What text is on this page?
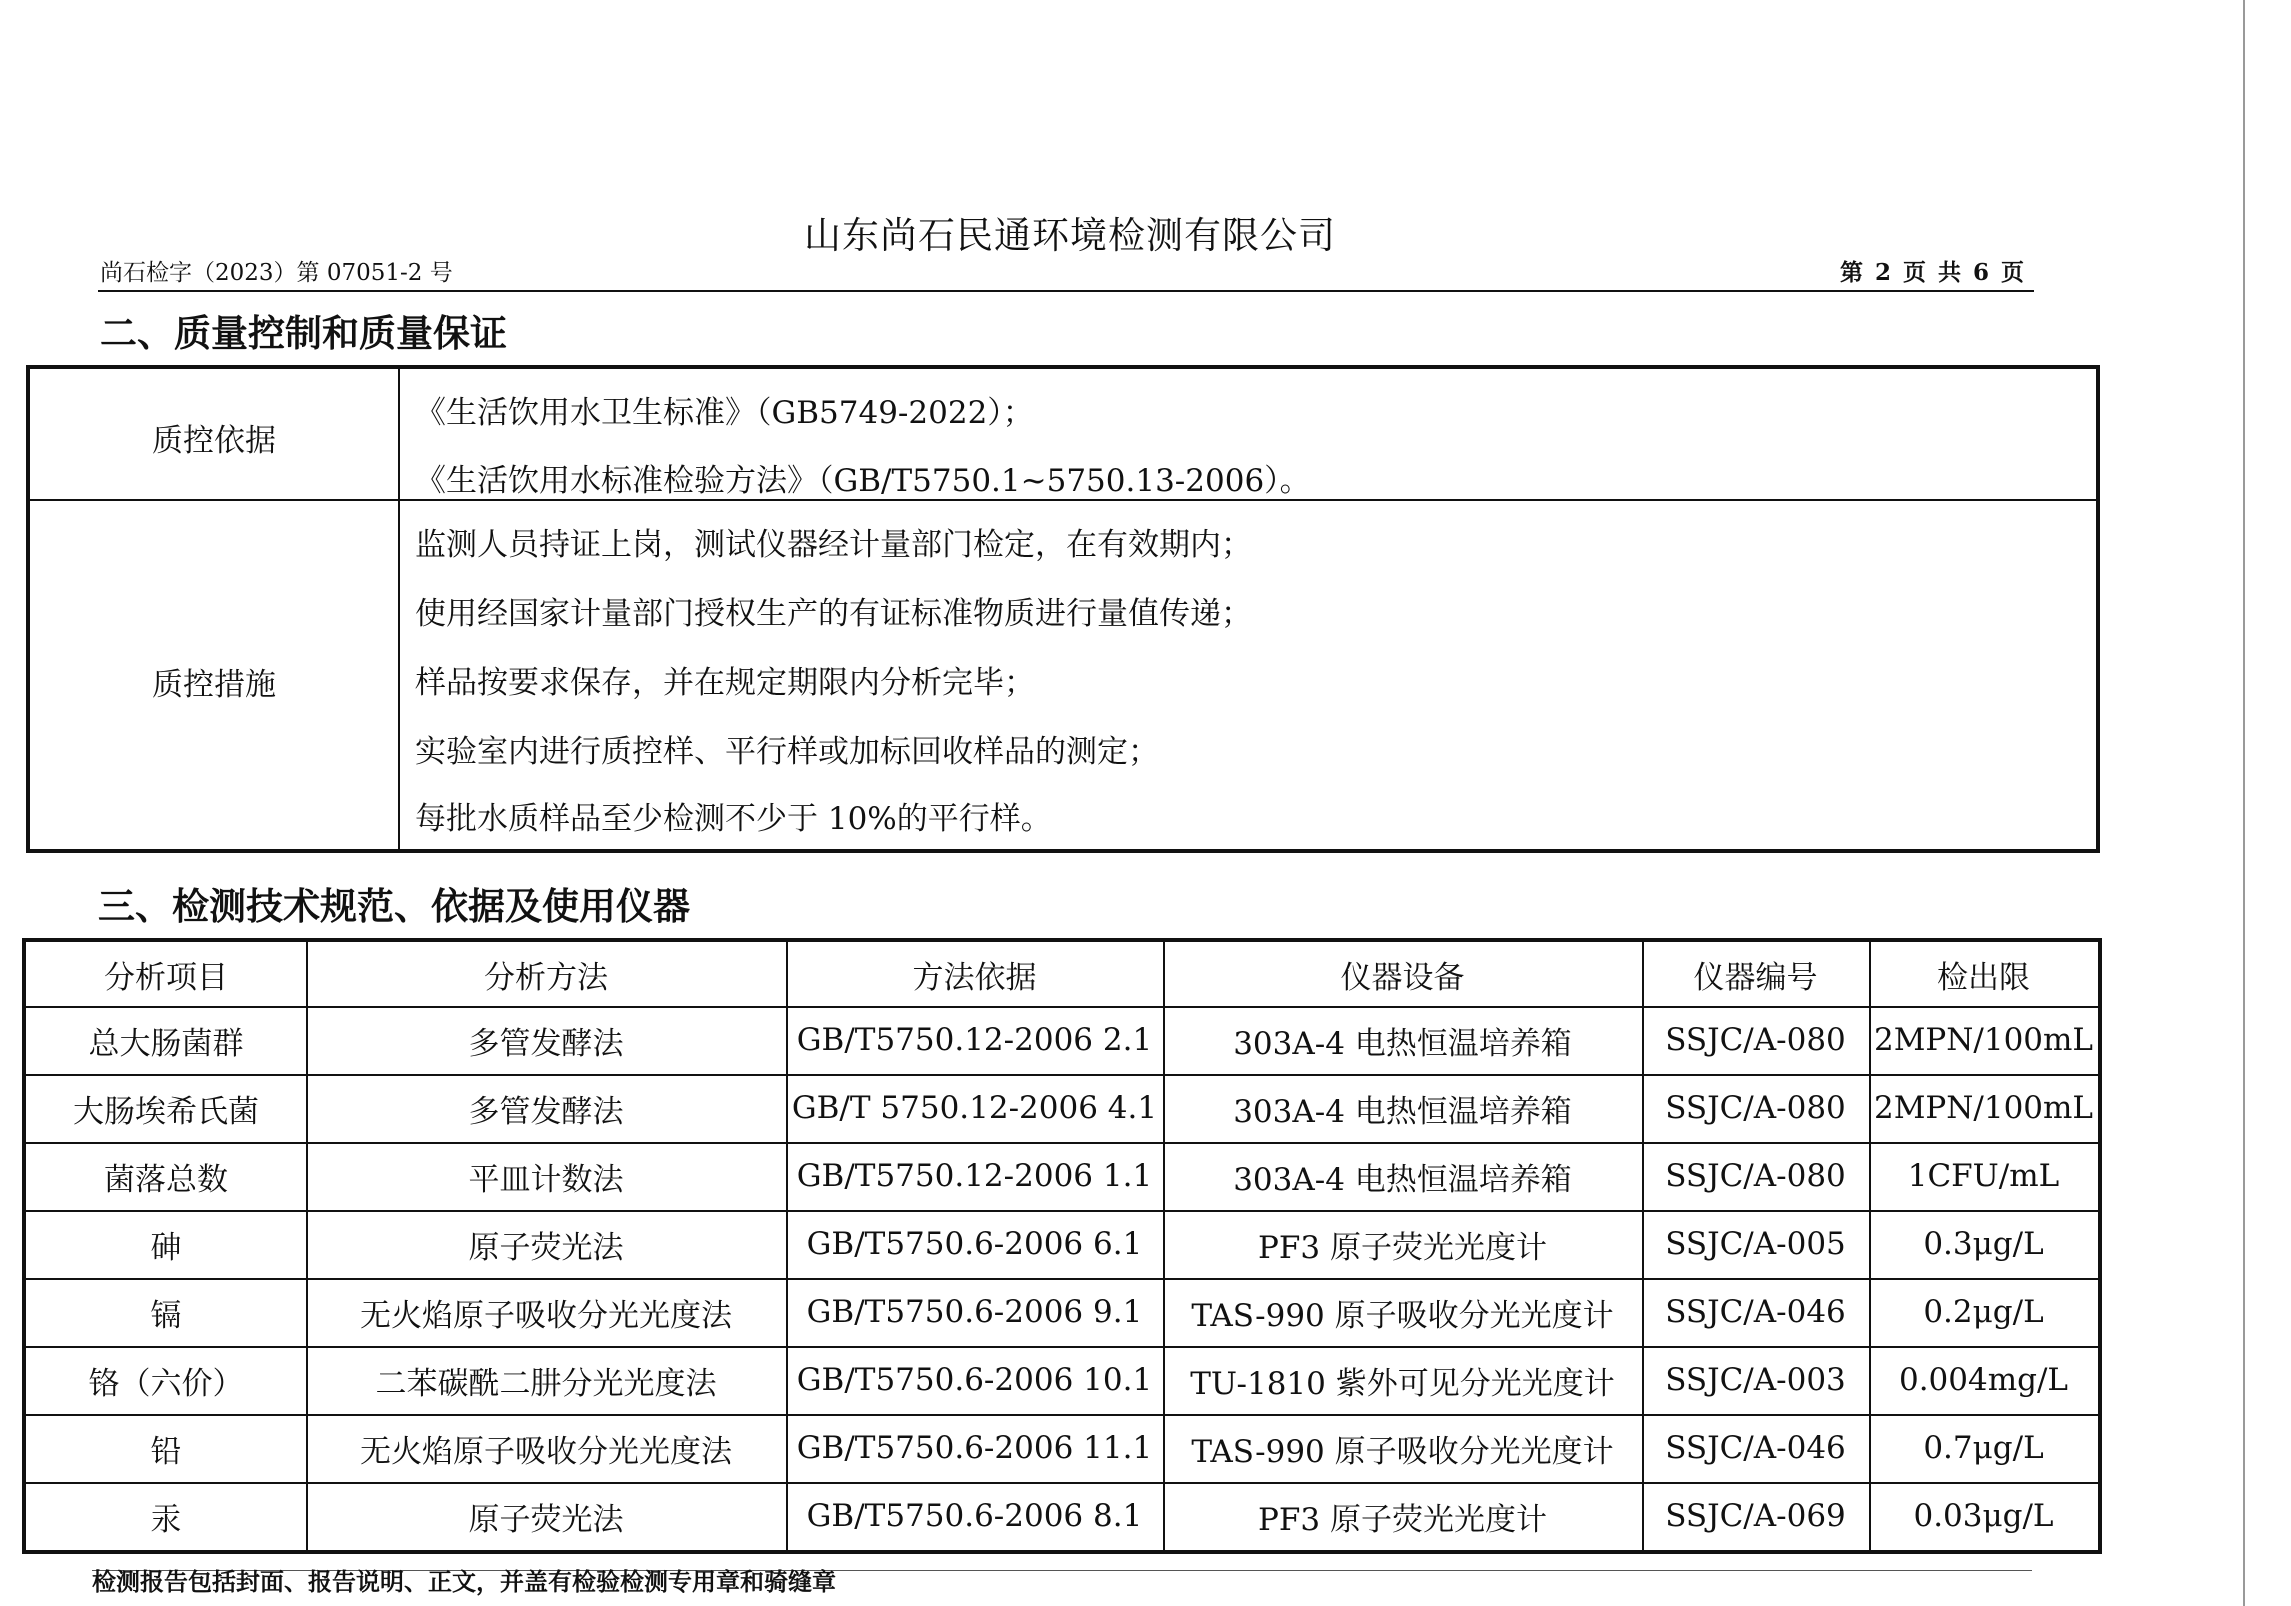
山东尚石民通环境检测有限公司
尚石检字（2023）第 07051-2 号	第 2 页 共 6 页
二、质量控制和质量保证
质控依据
《生活饮用水卫生标准》（GB5749-2022）；
《生活饮用水标准检验方法》（GB/T5750.1~5750.13-2006）。
质控措施
监测人员持证上岗，测试仪器经计量部门检定，在有效期内；
使用经国家计量部门授权生产的有证标准物质进行量值传递；
样品按要求保存，并在规定期限内分析完毕；
实验室内进行质控样、平行样或加标回收样品的测定；
每批水质样品至少检测不少于 10%的平行样。
三、检测技术规范、依据及使用仪器
分析项目	分析方法	方法依据	仪器设备	仪器编号	检出限
总大肠菌群	多管发酵法	GB/T5750.12-2006 2.1	303A-4 电热恒温培养箱	SSJC/A-080 2MPN/100mL
大肠埃希氏菌	多管发酵法	GB/T 5750.12-2006 4.1	303A-4 电热恒温培养箱	SSJC/A-080 2MPN/100mL
菌落总数	平皿计数法	GB/T5750.12-2006 1.1	303A-4 电热恒温培养箱	SSJC/A-080	1CFU/mL
砷	原子荧光法	GB/T5750.6-2006 6.1	PF3 原子荧光光度计	SSJC/A-005	0.3μg/L
镉	无火焰原子吸收分光光度法	GB/T5750.6-2006 9.1	TAS-990 原子吸收分光光度计	SSJC/A-046	0.2μg/L
铬（六价）	二苯碳酰二肼分光光度法	GB/T5750.6-2006 10.1	TU-1810 紫外可见分光光度计	SSJC/A-003	0.004mg/L
铅	无火焰原子吸收分光光度法	GB/T5750.6-2006 11.1	TAS-990 原子吸收分光光度计	SSJC/A-046	0.7μg/L
汞	原子荧光法	GB/T5750.6-2006 8.1	PF3 原子荧光光度计	SSJC/A-069	0.03μg/L
检测报告包括封面、报告说明、正文，并盖有检验检测专用章和骑缝章
